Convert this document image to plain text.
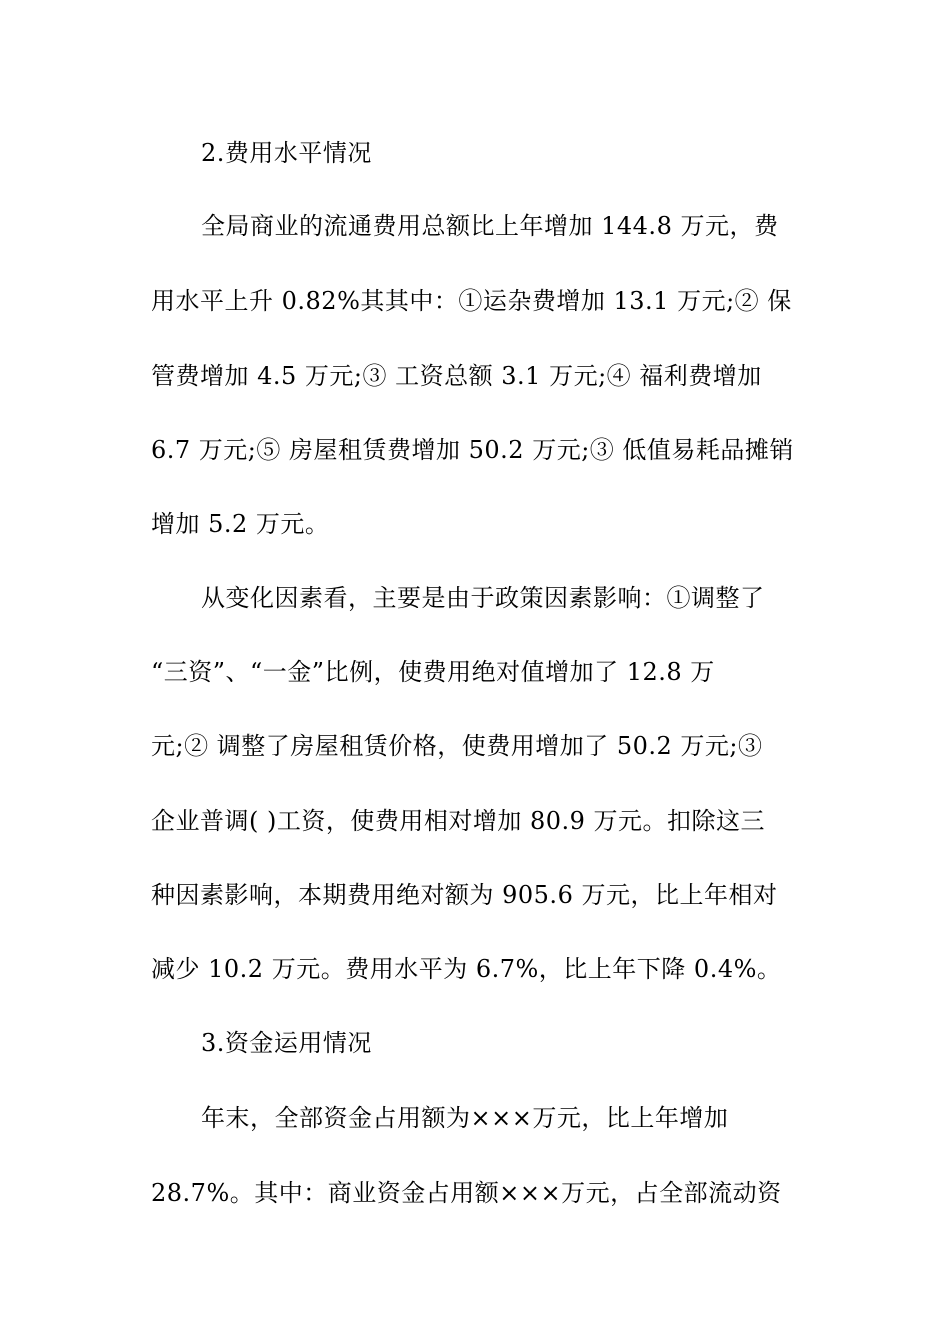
2.费用水平情况
全局商业的流通费用总额比上年增加 144.8 万元，费
用水平上升 0.82%其其中：①运杂费增加 13.1 万元;② 保
管费增加 4.5 万元;③ 工资总额 3.1 万元;④ 福利费增加
6.7 万元;⑤ 房屋租赁费增加 50.2 万元;③ 低值易耗品摊销
增加 5.2 万元。
从变化因素看，主要是由于政策因素影响：①调整了
“三资”、“一金”比例，使费用绝对值增加了 12.8 万
元;② 调整了房屋租赁价格，使费用增加了 50.2 万元;③
企业普调( )工资，使费用相对增加 80.9 万元。扣除这三
种因素影响，本期费用绝对额为 905.6 万元，比上年相对
减少 10.2 万元。费用水平为 6.7%，比上年下降 0.4%。
3.资金运用情况
年末，全部资金占用额为×××万元，比上年增加
28.7%。其中：商业资金占用额×××万元，占全部流动资
